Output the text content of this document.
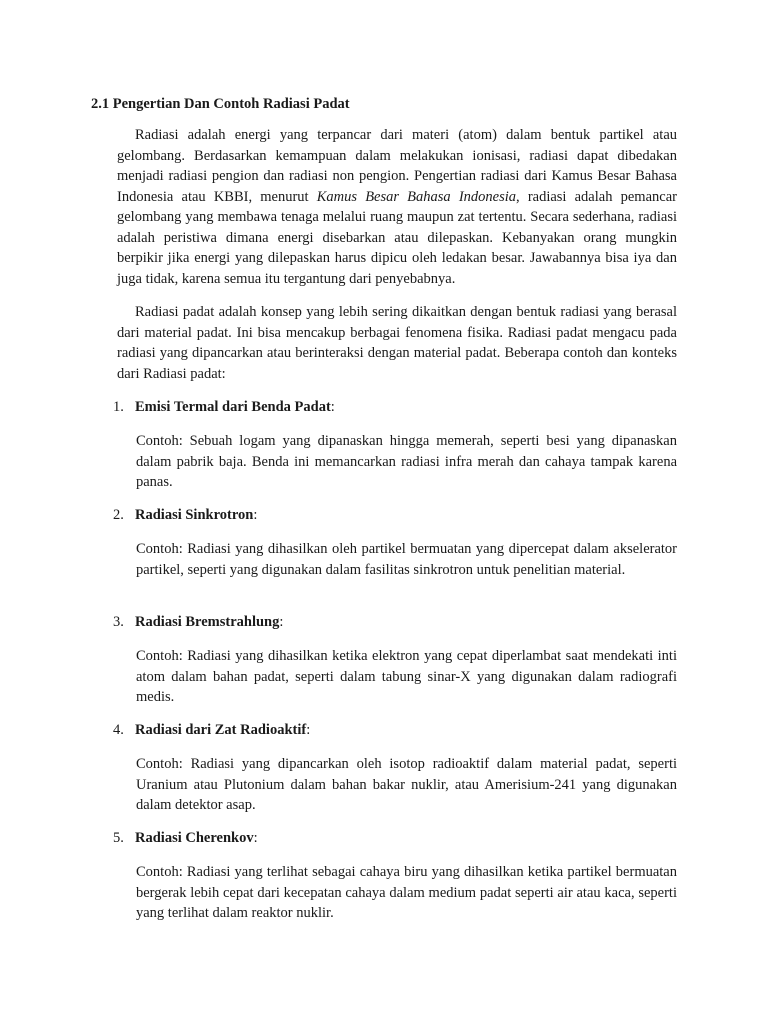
2.1 Pengertian Dan Contoh Radiasi Padat

Radiasi adalah energi yang terpancar dari materi (atom) dalam bentuk partikel atau gelombang. Berdasarkan kemampuan dalam melakukan ionisasi, radiasi dapat dibedakan menjadi radiasi pengion dan radiasi non pengion. Pengertian radiasi dari Kamus Besar Bahasa Indonesia atau KBBI, menurut Kamus Besar Bahasa Indonesia, radiasi adalah pemancar gelombang yang membawa tenaga melalui ruang maupun zat tertentu. Secara sederhana, radiasi adalah peristiwa dimana energi disebarkan atau dilepaskan. Kebanyakan orang mungkin berpikir jika energi yang dilepaskan harus dipicu oleh ledakan besar. Jawabannya bisa iya dan juga tidak, karena semua itu tergantung dari penyebabnya.

Radiasi padat adalah konsep yang lebih sering dikaitkan dengan bentuk radiasi yang berasal dari material padat. Ini bisa mencakup berbagai fenomena fisika. Radiasi padat mengacu pada radiasi yang dipancarkan atau berinteraksi dengan material padat. Beberapa contoh dan konteks dari Radiasi padat:

1. Emisi Termal dari Benda Padat:

Contoh: Sebuah logam yang dipanaskan hingga memerah, seperti besi yang dipanaskan dalam pabrik baja. Benda ini memancarkan radiasi infra merah dan cahaya tampak karena panas.

2. Radiasi Sinkrotron:

Contoh: Radiasi yang dihasilkan oleh partikel bermuatan yang dipercepat dalam akselerator partikel, seperti yang digunakan dalam fasilitas sinkrotron untuk penelitian material.

3. Radiasi Bremstrahlung:

Contoh: Radiasi yang dihasilkan ketika elektron yang cepat diperlambat saat mendekati inti atom dalam bahan padat, seperti dalam tabung sinar-X yang digunakan dalam radiografi medis.

4. Radiasi dari Zat Radioaktif:

Contoh: Radiasi yang dipancarkan oleh isotop radioaktif dalam material padat, seperti Uranium atau Plutonium dalam bahan bakar nuklir, atau Amerisium-241 yang digunakan dalam detektor asap.

5. Radiasi Cherenkov:

Contoh: Radiasi yang terlihat sebagai cahaya biru yang dihasilkan ketika partikel bermuatan bergerak lebih cepat dari kecepatan cahaya dalam medium padat seperti air atau kaca, seperti yang terlihat dalam reaktor nuklir.
